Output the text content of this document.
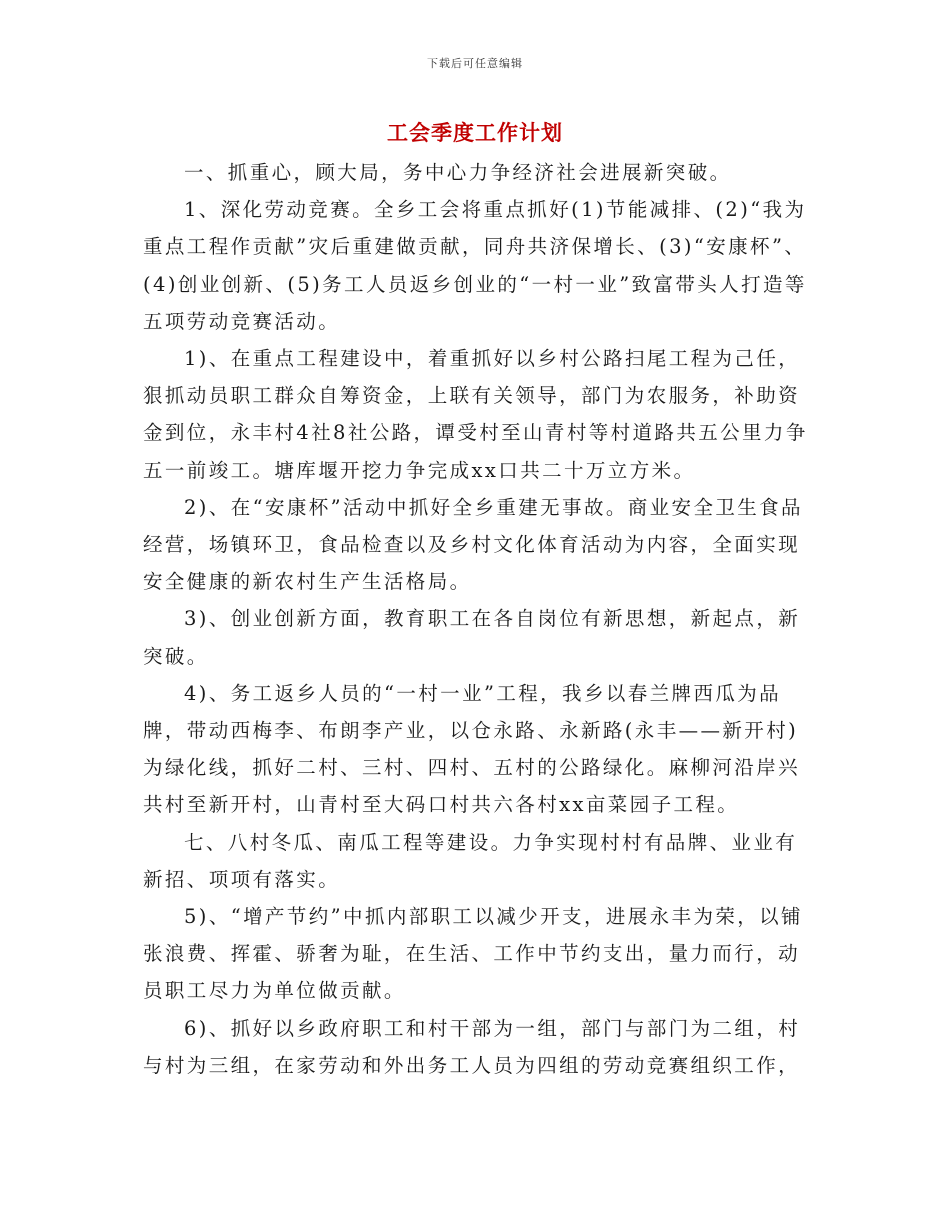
下载后可任意编辑
工会季度工作计划

一、抓重心，顾大局，务中心力争经济社会进展新突破。

1、深化劳动竞赛。全乡工会将重点抓好(1)节能减排、(2)“我为重点工程作贡献”灾后重建做贡献，同舟共济保增长、(3)“安康杯”、(4)创业创新、(5)务工人员返乡创业的“一村一业”致富带头人打造等五项劳动竞赛活动。

1)、在重点工程建设中，着重抓好以乡村公路扫尾工程为己任，狠抓动员职工群众自筹资金，上联有关领导，部门为农服务，补助资金到位，永丰村4社8社公路，谭受村至山青村等村道路共五公里力争五一前竣工。塘库堰开挖力争完成xx口共二十万立方米。

2)、在“安康杯”活动中抓好全乡重建无事故。商业安全卫生食品经营，场镇环卫，食品检查以及乡村文化体育活动为内容，全面实现安全健康的新农村生产生活格局。

3)、创业创新方面，教育职工在各自岗位有新思想，新起点，新突破。

4)、务工返乡人员的“一村一业”工程，我乡以春兰牌西瓜为品牌，带动西梅李、布朗李产业，以仓永路、永新路(永丰——新开村)为绿化线，抓好二村、三村、四村、五村的公路绿化。麻柳河沿岸兴共村至新开村，山青村至大码口村共六各村xx亩菜园子工程。

七、八村冬瓜、南瓜工程等建设。力争实现村村有品牌、业业有新招、项项有落实。

5)、“增产节约”中抓内部职工以减少开支，进展永丰为荣，以铺张浪费、挥霍、骄奢为耻，在生活、工作中节约支出，量力而行，动员职工尽力为单位做贡献。

6)、抓好以乡政府职工和村干部为一组，部门与部门为二组，村与村为三组，在家劳动和外出务工人员为四组的劳动竞赛组织工作，
